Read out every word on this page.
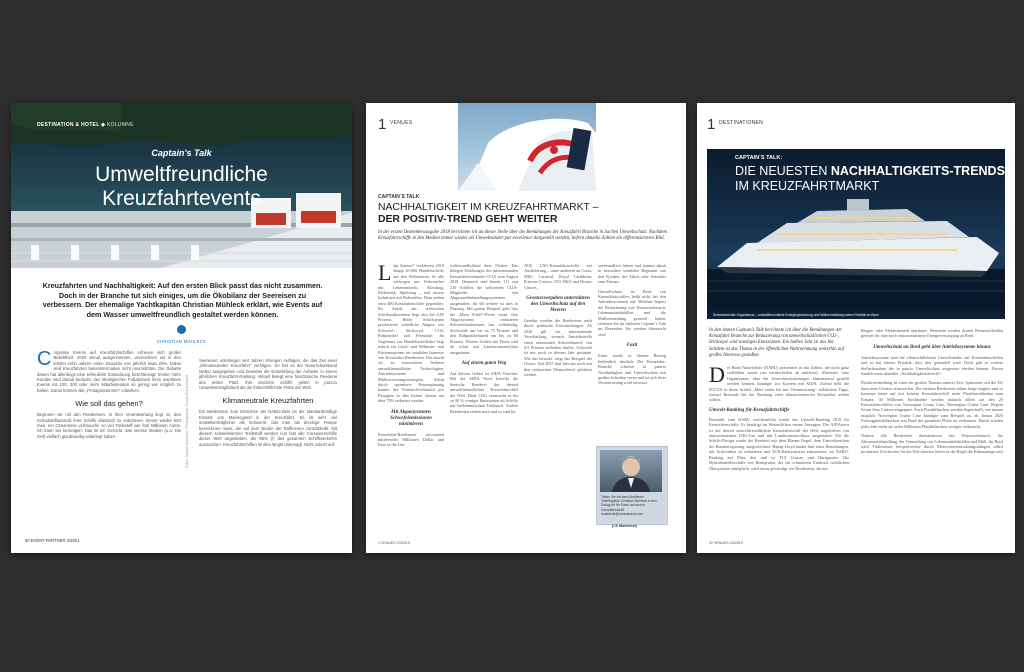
DESTINATION & HOTEL ◆ KOLUMNE
Captain's Talk
Umweltfreundliche
Kreuzfahrtevents
Kreuzfahrten und Nachhaltigkeit: Auf den ersten Blick passt das nicht zusammen. Doch in der Branche tut sich einiges, um die Ökobilanz der Seereisen zu verbessern. Der ehemalige Yachtkapitän Christian Mühleck erklärt, wie Events auf dem Wasser umweltfreundlich gestaltet werden können.
CHRISTIAN MÜHLECK
C orporate Events auf Kreuzfahrtschiffen erfreuen sich großer Beliebtheit. 2020 niimal ausgenommen, verzeichnen wir in den letzten zehn Jahren einen Zuwachs von jährlich etwa 20%. Dabei sind Kreuzfahrten bekanntermaßen nicht unumstritten. Die Debatte darum hat allerdings eine erfreuliche Entwicklung beschleunigt: Immer mehr Kunden sind darauf bedacht, den ökologischen Fußabdruck ihres maritimen Events mit 100, 300 oder mehr Mitarbeitenden so gering wie möglich zu halten. Daran können alle „Protagonistinnen“ mitwirken.
Wie soll das gehen?
Beginnen wir mit den Reedereien. In ihrer Verantwortung liegt es, den Schadstoffausstoß ihrer Schiffe drastisch zu reduzieren. Immer wieder hört man, ein Ozeanriese verbrauche so viel Treibstoff wie fünf Millionen Autos. Ich kann Sie beruhigen: Das ist ein Gerücht, das seriöse Medien (u.a. Die Zeit) vielfach glaubwürdig widerlegt haben.	Fotos: Sylvain Sabourin / Photography; Ocean Event GmbH
Seereisen unterliegen seit Jahren strengen Auflagen, die das Ziel einer „Klimaneutralen Kreuzfahrt“ verfolgen. So hat es der Naturschutzbund NABU ausgegeben und bewertet die Entwicklung der Anbieter in einem jährlichen Kreuzfahrt-Ranking. Aktuell belegt eine französische Reederei den ersten Platz. Ihre dreizehn Schiffe gelten in puncto Umweltverträglichkeit als die fortschrittlichste Flotte der Welt.
Klimaneutrale Kreuzfahrten
Ein Meilenstein zum Erreichen der NABU-Ziele ist der standardmäßige Einsatz von Marinegasöl in der Kreuzfahrt. Es ist sehr viel umweltverträglicher als Schweröl, das man als dreckige Pampe bezeichnen muss, die auf dem Boden der Raffinerien zurückbleibt. Mit diesem schwefelarmen Treibstoff werden nun fast alle Containerschiffe dieser Welt angetrieben, die 95% (!) des gesamten Schiffsverkehrs ausmachen. Kreuzfahrtschiffen ist dies längst untersagt. Nicht zuletzt auf-
60 EVENT PARTNER 2/2021
1 VENUES
CAPTAIN´S TALK
NACHHALTIGKEIT IM KREUZFAHRTMARKT –
DER POSITIV-TREND GEHT WEITER
In der ersten Dezemberausgabe 2018 berichtete ich an dieser Stelle über die Bemühungen der Kreuzfahrt Branche in Sachen Umweltschutz. Nachdem Kreuzfahrtschiffe in den Medien immer wieder als Umweltsünder par excellence dargestellt werden, liefern aktuelle Zahlen ein differenzierteres Bild.
L aut Statista* verkehrten 2018 knapp 43.000 Handelsschiffe auf den Weltmeeren. So alle versorgen uns Verbraucher mit Lebensmitteln, Kleidung, Elektronik, Spielzeug – und unsere Industrien mit Rohstoffen. Dem stehen etwa 400 Kreuzfahrtschiffe gegenüber. Ihr Anteil am weltweiten Schiffsaufkommen liegt also bei 0,83 Prozent. Beide Schiffstypen produzieren schädliche Abgase wie Schwefel, Stickoxyd, CO2, Rußpartikel und Feinstaub. Im Gegensatz zur Handelsschifffahrt liegt jedoch ein Lokal- und Weltmeer- und Küstenregionen im sensiblen Interesse von Kreuzfahrt-Reedereien. Das macht sie zu innovativen Treibern umweltfreundlicher Technologien, Antriebssysteme und Müllverwertungsstrategien. Allein durch optimierte Routenplanung konnte der Treibstoffverbrauch pro Passagier in den letzten Jahren um über 70% reduziert werden.
Mit Abgassystemen Schwefelemissionen minimieren
Kreuzfahrt-Reedereien investieren mittlerweile Millionen Dollar und Euro in die Um-
weltfreundlichkeit ihrer Flotten. Das belegen Erhebungen des internationalen Kreuzfahrtverbandes CLIA vom August 2018. Demnach sind bereits 111 von 210 Schiffen der weltweiten CLIA-Mitglieder mit Abgasnachbehandlungssystemen ausgestattet, für 60 weitere ist dies in Planung. Mit gutem Beispiel geht hier die „Mein Schiff“-Flotte voran. Ihre Abgassysteme reduzieren Schwefelemissionen fast vollständig, Stickoxide um bis zu 75 Prozent und den Rußpartikelanteil um bis zu 60 Prozent. Weitere Schiffe der Flotte sind ab sofort mit Landstromanschluss ausgestattet.
Auf einem guten Weg
Auf diesem Gebiet ist AIDA Vorreiter. Mit der AIDA Nova betreibt die deutsche Reederei das derzeit umweltfreundlichste Kreuzfahrtschiff der Welt. Dank LNG verursacht es bis zu 90 % weniger Emissionen als Schiffe mit herkömmlichem Treibstoff. Andere Reedereien ziehen nach und so sind bis
2026 LNG-Kreuzfahrtschiffe zur Auslieferung – unter anderem an Costa, MSC, Carnival, Royal Caribbean, Princess Cruises, TUI, P&O und Disney Cruises.
Gesetzesvorgaben unterstützen den Umweltschutz auf den Meeren
Genährt werden die Reedereien auch durch politische Entscheidungen. Ab 2020 gilt ein internationale Verschärfung, wonach Antriebsstoffe einen maximalen Schwefelanteil von 0,5 Prozent enthalten dürfen. Schwefel ist nur noch in diesem Jahr gestattet. Wie das bewirkt, zeigt das Beispiel der Ostsee: Seit 2015 darf hier nur noch mit den reduzierten Marinediesel gefahren werden.
seefreundlich fahren und kommt damit in besonders sensiblen Regionen wie den Fjorden, der Arktis oder Antarktis zum Einsatz.
Umweltschutz an Bord von Kreuzfahrtschiffen heißt nicht bei den Antriebssystemen auf. Welchen Impact die Reduzierung von Wasserverbrauch, Lebensmittelabfällen und die Müllvermeidung generell haben, erfahren Sie im nächsten Captain´s Talk im Dezember. Sie werden überrascht sein!
Fazit
Eines wurde in diesem Beitrag hoffentlich deutlich: Die Kreuzfahrt-Branche schreitet in puncto Nachhaltigkeit und Umweltschutz mit großen Schritten voran und ist sich ihrer Verantwortung wohl bewusst.
Tieten Sie mit dem Maritimen Yachtkapitän Christian Mühleck in den Dialog für Ihr Event auf einem Kreuzfahrtschiff. muehleck@oceanevent.com
(Ch Muemmer)
1 VENUES 03/2019
1 DESTINATIONEN
CAPTAIN´S TALK:
DIE NEUESTEN NACHHALTIGKEITS-TRENDS
IM KREUZFAHRTMARKT
Schwimmender Organismus – umweltfreundliche Energiegewinnung und Müllvermeidung haben Priorität an Bord.
In den letzten Captain's Talk berichtete ich über die Bemühungen der Kreuzfahrt Branche zur Reduzierung von umweltschädlichen CO2-, Stickoxyd- und sonstigen Emissionen. Ein halbes Jahr ist das her. Seitdem ist das Thema in der öffentlichen Wahrnehmung weiterhin auf großes Interesse gestoßen.
D er Bund Naturschutz (NABU) präsentiert in mit Zahlen, die nicht ganz verblüffen waren (sie extstierhelten ab mittlerer). Alternativ, eine Organisation, über die Umweltorientierungen klimaneutral gestellt werden können, kündigte vor Kurzem mit AIDA. Zuletzt hebt die FOCUS in ihren Artikel „Mere reden bei mit Verantwortung“ reflektierte Tipps, worauf Reisende bei der Buchung einer klimaorientierten Kreuzfahrt achten sollten.
Umwelt-Ranking für Kreuzfahrtschiffe
Ebenfalls vom NABU veröffentlicht wurde das Umwelt-Ranking 2019 für Kreuzfahrtschiffe. Es bestätigt im Wesentlichen meine Aussagen: Die AIDAnova ist das derzeit umweltfreundlichste Kreuzfahrtschiff der Welt, angetrieben von emissionsarmen LNG-Gas und mit Landstromanschluss ausgestattet. Für die Schiffs-Design wurde die Reederei mit dem Blauen Engel, dem Umweltzeichen der Bundesregierung, ausgezeichnet. Hapag-Lloyd landet fünf seine Bemühungen, mit Schwerölen zu reduzieren und SCR-Katalysatoren einzusetzen, im NABU-Ranking auf Platz drei und ist TUI Cruises und Hurtigruten. Die Hybridantriebsschiffe von Hurtigruten, der ein schmaleren Eindruck rechtlichen Ökosysteme ermöglicht, wird etwas gewürdigt wie Reedereien, die auf
Biogas- oder Elektroantrieb umrüsten. Weiterhin werden derzeit Brennstoffzellen getestet für eine noch emissionsärmere Energieversorgung an Bord.
Umweltschutz an Bord geht über Antriebssysteme hinaus
Antriebssysteme sind die offensichtlichsten Umweltsünder auf Kreuzfahrtschiffen und so hat ebenso Priorität, dass hier gehandelt wird. Doch gibt es weitere Stellschrauben, die in puncto Umweltschutz umgesetzt werden können. Davon handelt mein aktueller „Nachhaltigkeitsbericht“:
Plastikvermeidung ist eines der großen Themen unserer Zeit. Spätestens seit die EU dazu neue Gesetze erlassen hat. Die meisten Reedereien haben lange reagiert und so kommen heute auf fast keinem Kreuzfahrtschiff mehr Plastikstrohhalme zum Einsatz. 30 Millionen Strohhalme werden dadurch allein auf den 20 Kreuzfahrtschiffen von Norwegian Cruise Line, Norwegian Cruise Line, Regent Seven Seas Cruises eingespart. Auch Plastikflaschen werden abgeschafft, wie immer möglich. Norwegian Cruise Line kündigte zum Beispiel an, ab Januar 2020 Einwegplastikflaschen von Bord der gesamten Flotte zu verbannen. Damit würden jedes Jahr mehr als sechs Millionen Plastikflaschen weniger verbraucht.
Nahezu alle Reedereien thematisieren den Wasserverbrauch, die Abwasserbehandlung, die Vermeidung von Lebensmittelabfällen und Müll. An Bord wird Trinkwasser beispielsweise durch Meerwasserentsalzungsanlagen selbst produziert. Erschwerer für die Wäschereien liefert in der Regel die Klimaanlage und
22 VENUES 03/2019
